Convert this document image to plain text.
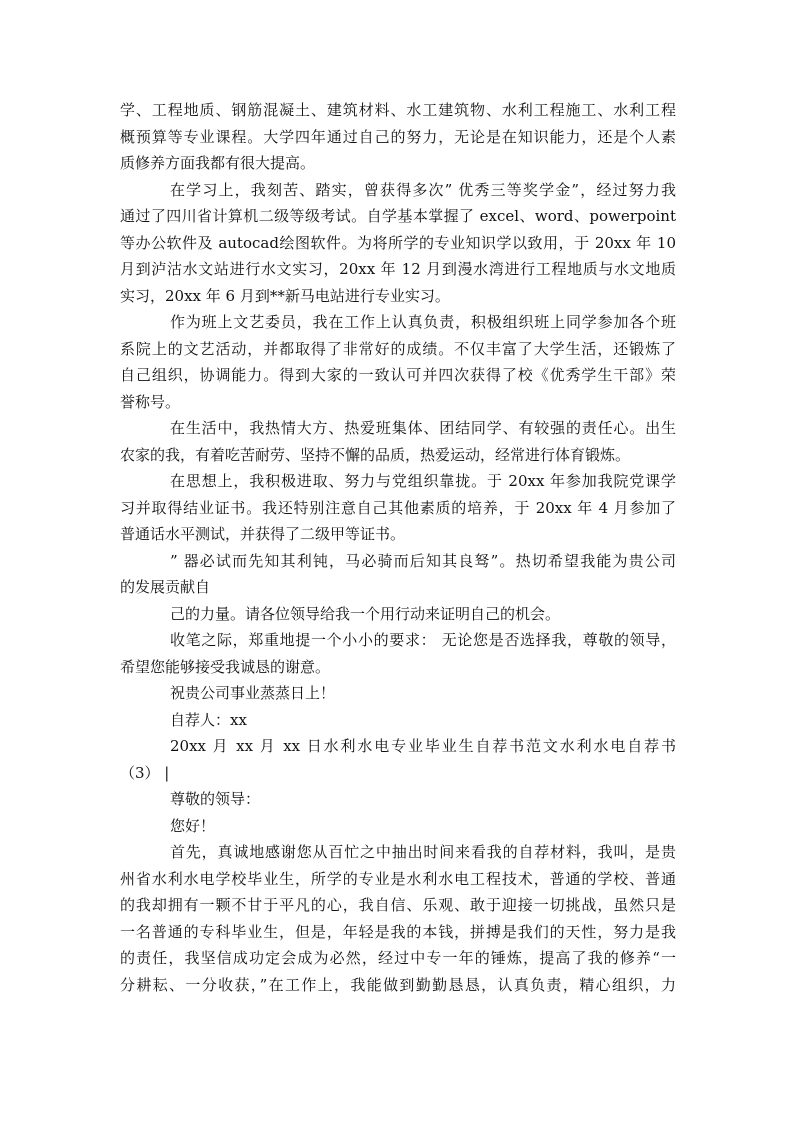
学、工程地质、钢筋混凝土、建筑材料、水工建筑物、水利工程施工、水利工程
概预算等专业课程。大学四年通过自己的努力，无论是在知识能力，还是个人素
质修养方面我都有很大提高。
在学习上，我刻苦、踏实，曾获得多次” 优秀三等奖学金”，经过努力我
通过了四川省计算机二级等级考试。自学基本掌握了 excel、word、powerpoint
等办公软件及 autocad绘图软件。为将所学的专业知识学以致用，于 20xx 年 10
月到泸沽水文站进行水文实习，20xx 年 12 月到漫水湾进行工程地质与水文地质
实习，20xx 年 6 月到**新马电站进行专业实习。
作为班上文艺委员，我在工作上认真负责，积极组织班上同学参加各个班
系院上的文艺活动，并都取得了非常好的成绩。不仅丰富了大学生活，还锻炼了
自己组织，协调能力。得到大家的一致认可并四次获得了校《优秀学生干部》荣
誉称号。
在生活中，我热情大方、热爱班集体、团结同学、有较强的责任心。出生
农家的我，有着吃苦耐劳、坚持不懈的品质，热爱运动，经常进行体育锻炼。
在思想上，我积极进取、努力与党组织靠拢。于 20xx 年参加我院党课学
习并取得结业证书。我还特别注意自己其他素质的培养，于 20xx 年 4 月参加了
普通话水平测试，并获得了二级甲等证书。
” 器必试而先知其利钝，马必骑而后知其良驽”。热切希望我能为贵公司
的发展贡献自
己的力量。请各位领导给我一个用行动来证明自己的机会。
收笔之际，郑重地提一个小小的要求： 无论您是否选择我，尊敬的领导，
希望您能够接受我诚恳的谢意。
祝贵公司事业蒸蒸日上！
自荐人：xx
20xx 月 xx 月 xx 日水利水电专业毕业生自荐书范文水利水电自荐书
（3） |
尊敬的领导：
您好！
首先，真诚地感谢您从百忙之中抽出时间来看我的自荐材料，我叫，是贵
州省水利水电学校毕业生，所学的专业是水利水电工程技术，普通的学校、普通
的我却拥有一颗不甘于平凡的心，我自信、乐观、敢于迎接一切挑战，虽然只是
一名普通的专科毕业生，但是，年轻是我的本钱，拼搏是我们的天性，努力是我
的责任，我坚信成功定会成为必然，经过中专一年的锤炼，提高了我的修养“一
分耕耘、一分收获，”在工作上，我能做到勤勤恳恳，认真负责，精心组织，力
